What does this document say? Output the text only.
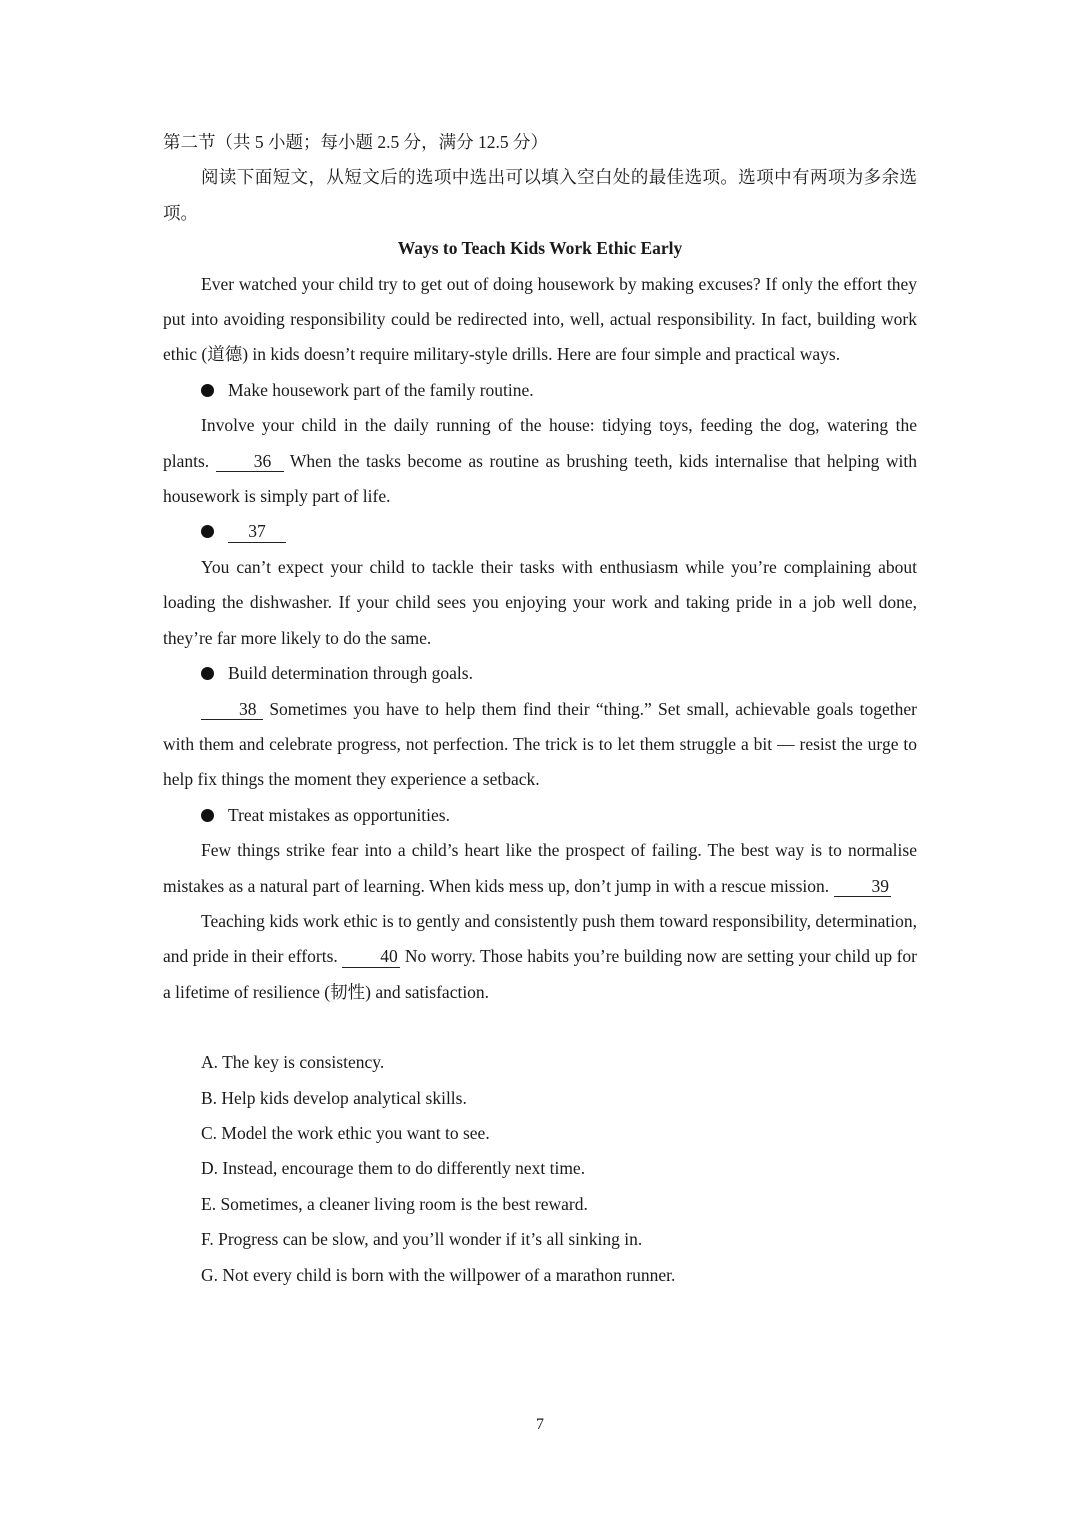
第二节（共 5 小题；每小题 2.5 分，满分 12.5 分）

阅读下面短文，从短文后的选项中选出可以填入空白处的最佳选项。选项中有两项为多余选项。

Ways to Teach Kids Work Ethic Early

Ever watched your child try to get out of doing housework by making excuses? If only the effort they put into avoiding responsibility could be redirected into, well, actual responsibility. In fact, building work ethic (道德) in kids doesn’t require military-style drills. Here are four simple and practical ways.

Make housework part of the family routine.

Involve your child in the daily running of the house: tidying toys, feeding the dog, watering the plants.	36 When the tasks become as routine as brushing teeth, kids internalise that helping with housework is simply part of life.

37

You can’t expect your child to tackle their tasks with enthusiasm while you’re complaining about loading the dishwasher. If your child sees you enjoying your work and taking pride in a job well done, they’re far more likely to do the same.

Build determination through goals.

38 Sometimes you have to help them find their “thing.” Set small, achievable goals together with them and celebrate progress, not perfection. The trick is to let them struggle a bit — resist the urge to help fix things the moment they experience a setback.

Treat mistakes as opportunities.

Few things strike fear into a child’s heart like the prospect of failing. The best way is to normalise mistakes as a natural part of learning. When kids mess up, don’t jump in with a rescue mission. 39

Teaching kids work ethic is to gently and consistently push them toward responsibility, determination, and pride in their efforts. 40 No worry. Those habits you’re building now are setting your child up for a lifetime of resilience (韧性) and satisfaction.

A. The key is consistency.

B. Help kids develop analytical skills.

C. Model the work ethic you want to see.

D. Instead, encourage them to do differently next time.

E. Sometimes, a cleaner living room is the best reward.

F. Progress can be slow, and you’ll wonder if it’s all sinking in.

G. Not every child is born with the willpower of a marathon runner.

7
